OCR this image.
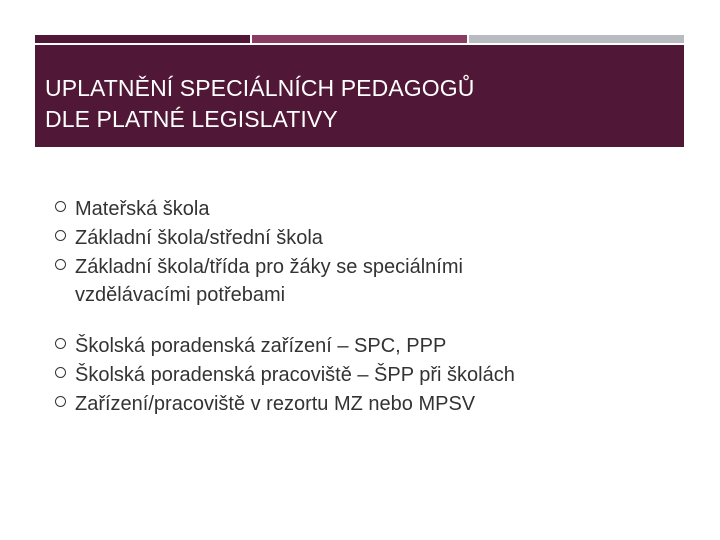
UPLATNĚNÍ SPECIÁLNÍCH PEDAGOGŮ
DLE PLATNÉ LEGISLATIVY
Mateřská škola
Základní škola/střední škola
Základní škola/třída pro žáky se speciálními
vzdělávacími potřebami
Školská poradenská zařízení – SPC, PPP
Školská poradenská pracoviště – ŠPP při školách
Zařízení/pracoviště v rezortu MZ nebo MPSV
